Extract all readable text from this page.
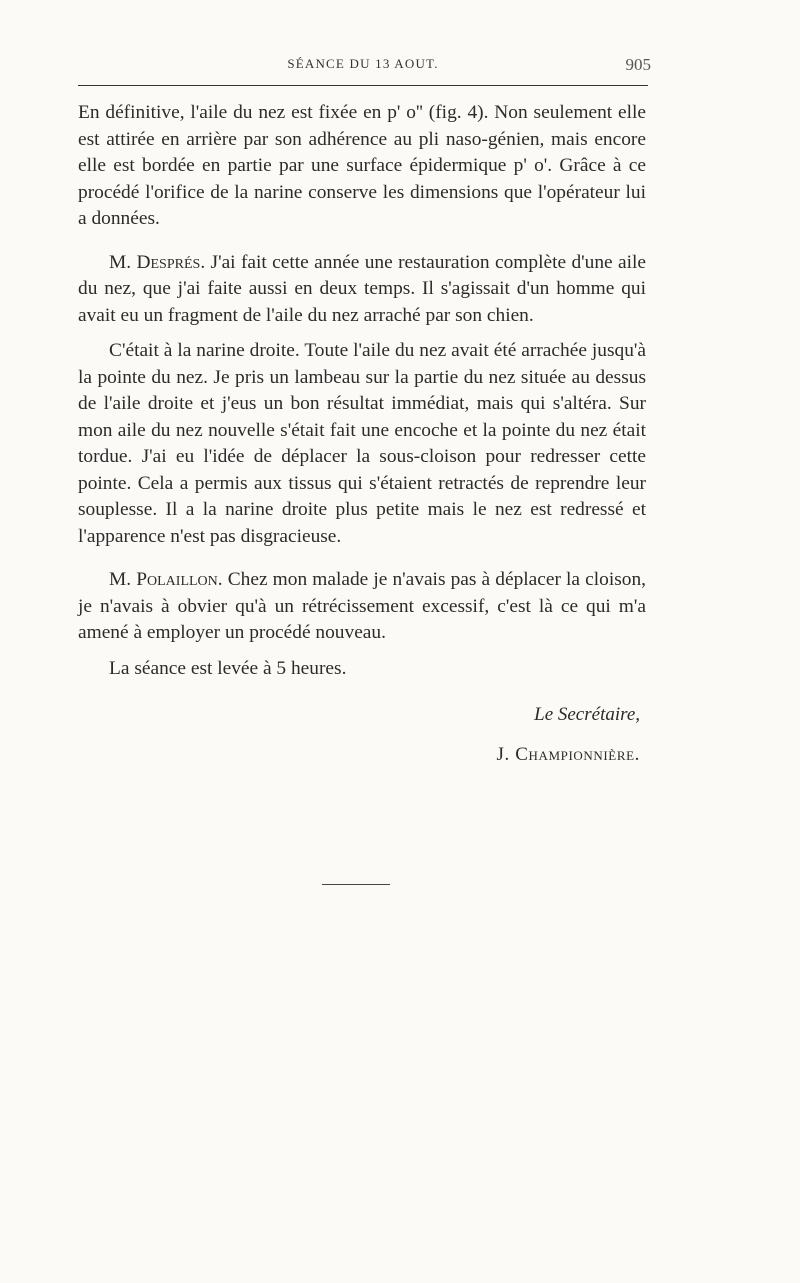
SÉANCE DU 13 AOUT.	905

En définitive, l'aile du nez est fixée en p' o'' (fig. 4). Non seulement elle est attirée en arrière par son adhérence au pli naso-génien, mais encore elle est bordée en partie par une surface épidermique p' o'. Grâce à ce procédé l'orifice de la narine conserve les dimensions que l'opérateur lui a données.

M. Després. J'ai fait cette année une restauration complète d'une aile du nez, que j'ai faite aussi en deux temps. Il s'agissait d'un homme qui avait eu un fragment de l'aile du nez arraché par son chien.

C'était à la narine droite. Toute l'aile du nez avait été arrachée jusqu'à la pointe du nez. Je pris un lambeau sur la partie du nez située au dessus de l'aile droite et j'eus un bon résultat immédiat, mais qui s'altéra. Sur mon aile du nez nouvelle s'était fait une encoche et la pointe du nez était tordue. J'ai eu l'idée de déplacer la sous-cloison pour redresser cette pointe. Cela a permis aux tissus qui s'étaient retractés de reprendre leur souplesse. Il a la narine droite plus petite mais le nez est redressé et l'apparence n'est pas disgracieuse.

M. Polaillon. Chez mon malade je n'avais pas à déplacer la cloison, je n'avais à obvier qu'à un rétrécissement excessif, c'est là ce qui m'a amené à employer un procédé nouveau.

La séance est levée à 5 heures.

Le Secrétaire,
J. Championnière.
